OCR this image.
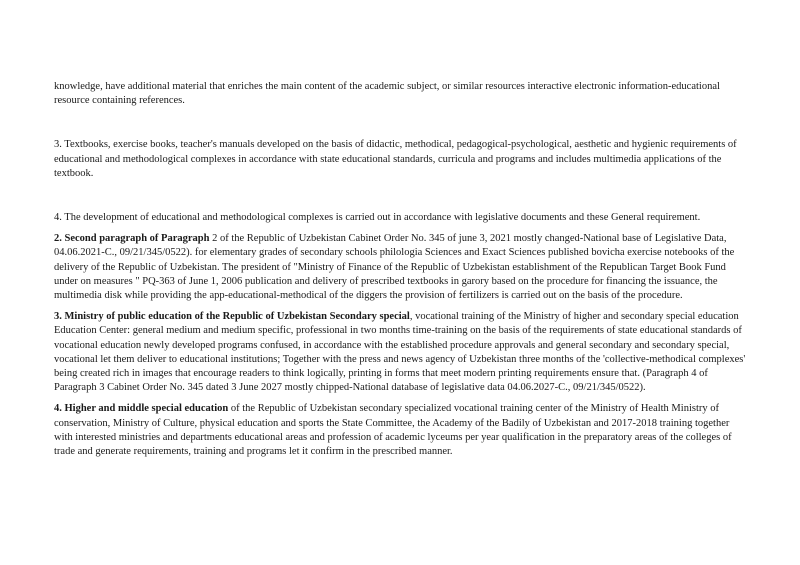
knowledge, have additional material that enriches the main content of the academic subject, or similar resources interactive electronic information-educational resource containing references.

3. Textbooks, exercise books, teacher's manuals developed on the basis of didactic, methodical, pedagogical-psychological, aesthetic and hygienic requirements of educational and methodological complexes in accordance with state educational standards, curricula and programs and includes multimedia applications of the textbook.

4. The development of educational and methodological complexes is carried out in accordance with legislative documents and these General requirement.

2. Second paragraph of Paragraph 2 of the Republic of Uzbekistan Cabinet Order No. 345 of june 3, 2021 mostly changed-National base of Legislative Data, 04.06.2021-C., 09/21/345/0522). for elementary grades of secondary schools philologia Sciences and Exact Sciences published bovicha exercise notebooks of the delivery of the Republic of Uzbekistan. The president of "Ministry of Finance of the Republic of Uzbekistan establishment of the Republican Target Book Fund under on measures " PQ-363 of June 1, 2006 publication and delivery of prescribed textbooks in garory based on the procedure for financing the issuance, the multimedia disk while providing the app-educational-methodical of the diggers the provision of fertilizers is carried out on the basis of the procedure.

3. Ministry of public education of the Republic of Uzbekistan Secondary special, vocational training of the Ministry of higher and secondary special education Education Center: general medium and medium specific, professional in two months time-training on the basis of the requirements of state educational standards of vocational education newly developed programs confused, in accordance with the established procedure approvals and general secondary and secondary special, vocational let them deliver to educational institutions; Together with the press and news agency of Uzbekistan three months of the 'collective-methodical complexes' being created rich in images that encourage readers to think logically, printing in forms that meet modern printing requirements ensure that. (Paragraph 4 of Paragraph 3 Cabinet Order No. 345 dated 3 June 2027 mostly chipped-National database of legislative data 04.06.2027-C., 09/21/345/0522).

4. Higher and middle special education of the Republic of Uzbekistan secondary specialized vocational training center of the Ministry of Health Ministry of conservation, Ministry of Culture, physical education and sports the State Committee, the Academy of the Badily of Uzbekistan and 2017-2018 training together with interested ministries and departments educational areas and profession of academic lyceums per year qualification in the preparatory areas of the colleges of trade and generate requirements, training and programs let it confirm in the prescribed manner.
